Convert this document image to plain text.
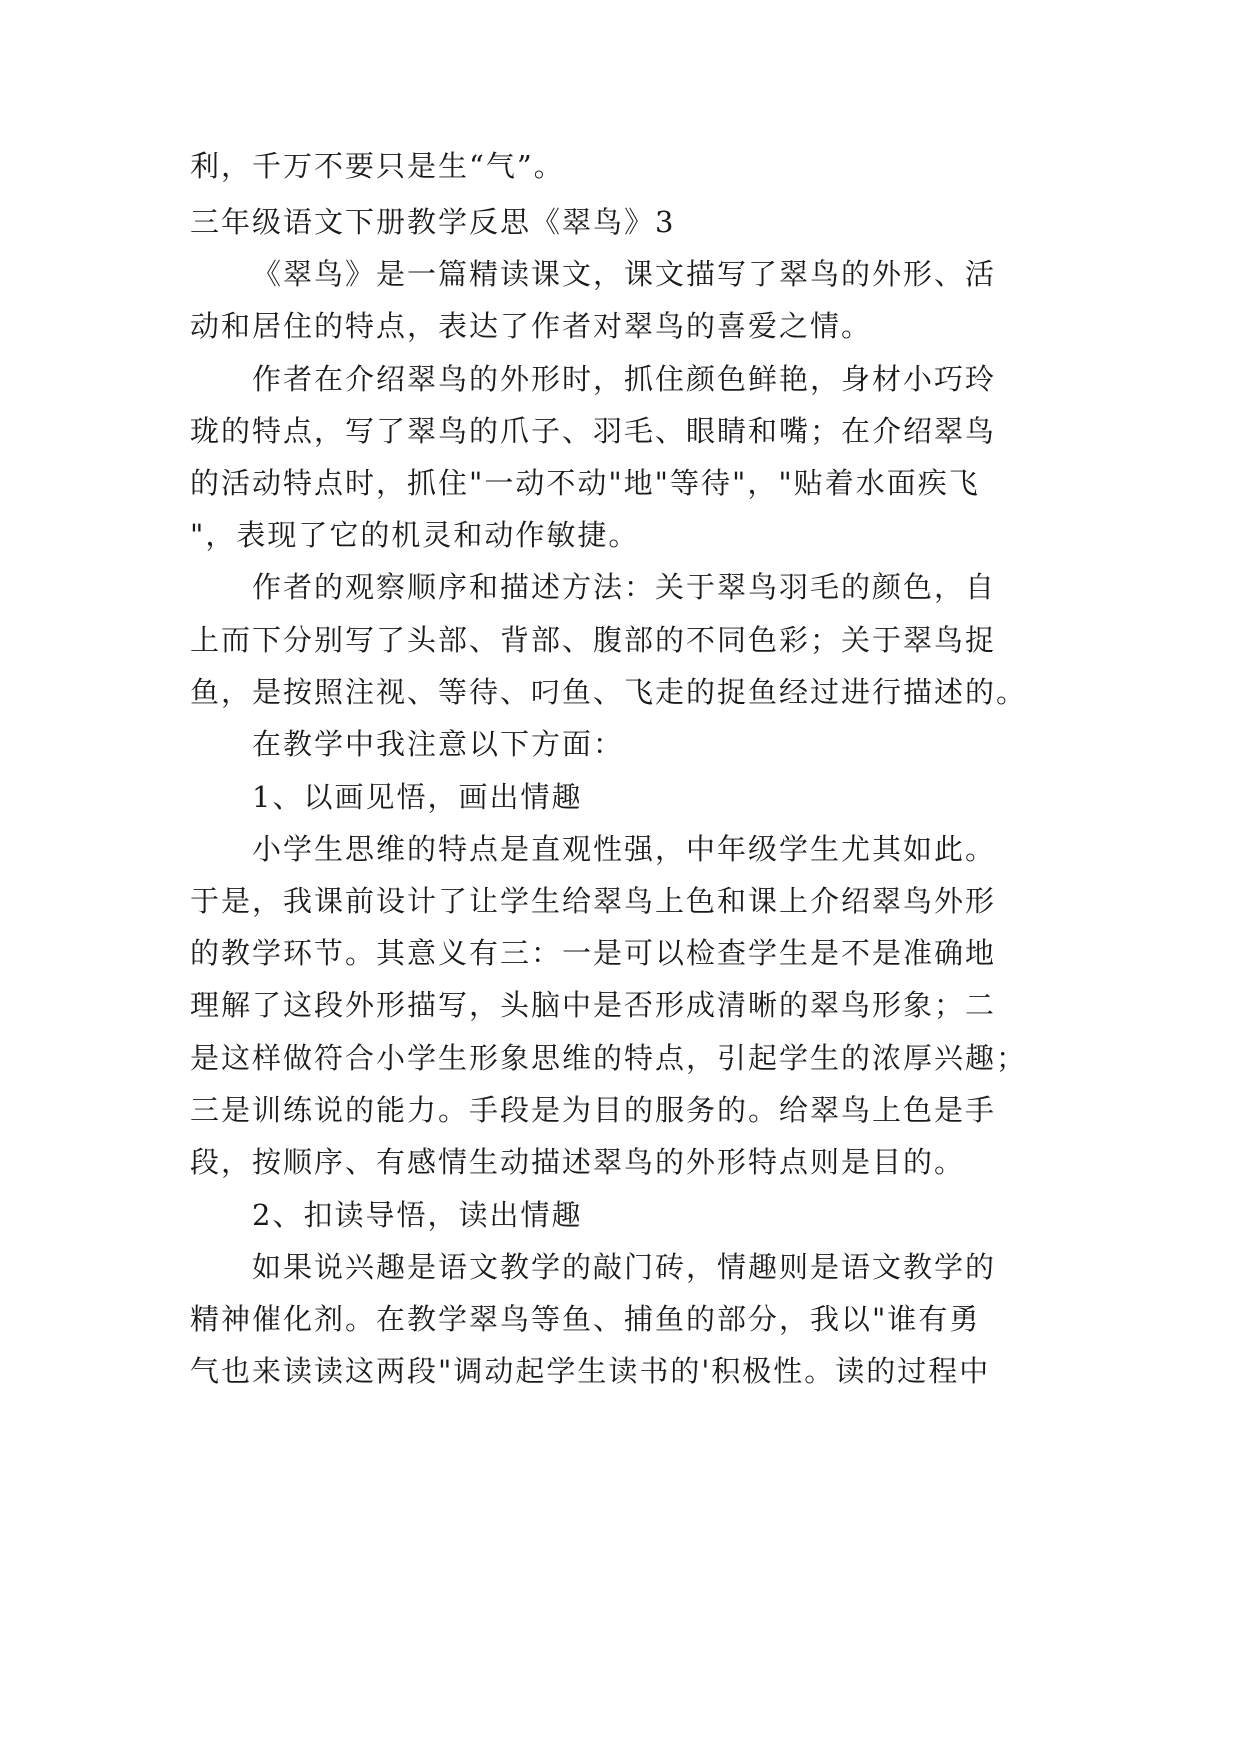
利，千万不要只是生“气”。
三年级语文下册教学反思《翠鸟》3
《翠鸟》是一篇精读课文，课文描写了翠鸟的外形、活
动和居住的特点，表达了作者对翠鸟的喜爱之情。
作者在介绍翠鸟的外形时，抓住颜色鲜艳，身材小巧玲
珑的特点，写了翠鸟的爪子、羽毛、眼睛和嘴；在介绍翠鸟
的活动特点时，抓住"一动不动"地"等待"，"贴着水面疾飞
"，表现了它的机灵和动作敏捷。
作者的观察顺序和描述方法：关于翠鸟羽毛的颜色，自
上而下分别写了头部、背部、腹部的不同色彩；关于翠鸟捉
鱼，是按照注视、等待、叼鱼、飞走的捉鱼经过进行描述的。
在教学中我注意以下方面：
1、以画见悟，画出情趣
小学生思维的特点是直观性强，中年级学生尤其如此。
于是，我课前设计了让学生给翠鸟上色和课上介绍翠鸟外形
的教学环节。其意义有三：一是可以检查学生是不是准确地
理解了这段外形描写，头脑中是否形成清晰的翠鸟形象；二
是这样做符合小学生形象思维的特点，引起学生的浓厚兴趣；
三是训练说的能力。手段是为目的服务的。给翠鸟上色是手
段，按顺序、有感情生动描述翠鸟的外形特点则是目的。
2、扣读导悟，读出情趣
如果说兴趣是语文教学的敲门砖，情趣则是语文教学的
精神催化剂。在教学翠鸟等鱼、捕鱼的部分，我以"谁有勇
气也来读读这两段"调动起学生读书的'积极性。读的过程中
